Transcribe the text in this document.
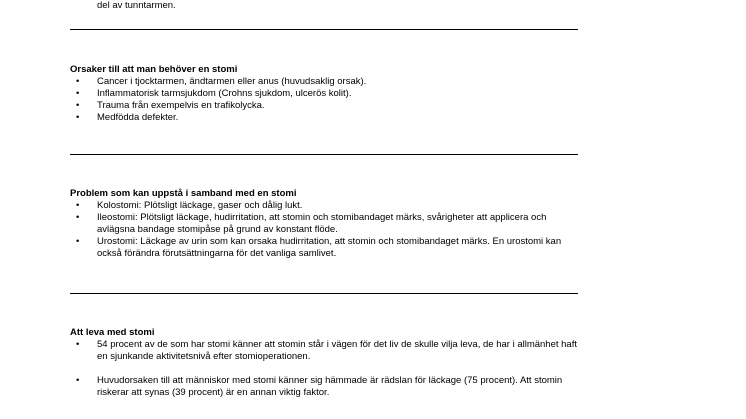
del av tunntarmen.

Orsaker till att man behöver en stomi

• Cancer i tjocktarmen, ändtarmen eller anus (huvudsaklig orsak).
• Inflammatorisk tarmsjukdom (Crohns sjukdom, ulcerös kolit).
• Trauma från exempelvis en trafikolycka.
• Medfödda defekter.

Problem som kan uppstå i samband med en stomi

• Kolostomi: Plötsligt läckage, gaser och dålig lukt.
• Ileostomi: Plötsligt läckage, hudirritation, att stomin och stomibandaget märks, svårigheter att applicera och avlägsna bandage stomipåse på grund av konstant flöde.
• Urostomi: Läckage av urin som kan orsaka hudirritation, att stomin och stomibandaget märks. En urostomi kan också förändra förutsättningarna för det vanliga samlivet.

Att leva med stomi

• 54 procent av de som har stomi känner att stomin står i vägen för det liv de skulle vilja leva, de har i allmänhet haft en sjunkande aktivitetsnivå efter stomioperationen.
• Huvudorsaken till att människor med stomi känner sig hämmade är rädslan för läckage (75 procent). Att stomin riskerar att synas (39 procent) är en annan viktig faktor.
